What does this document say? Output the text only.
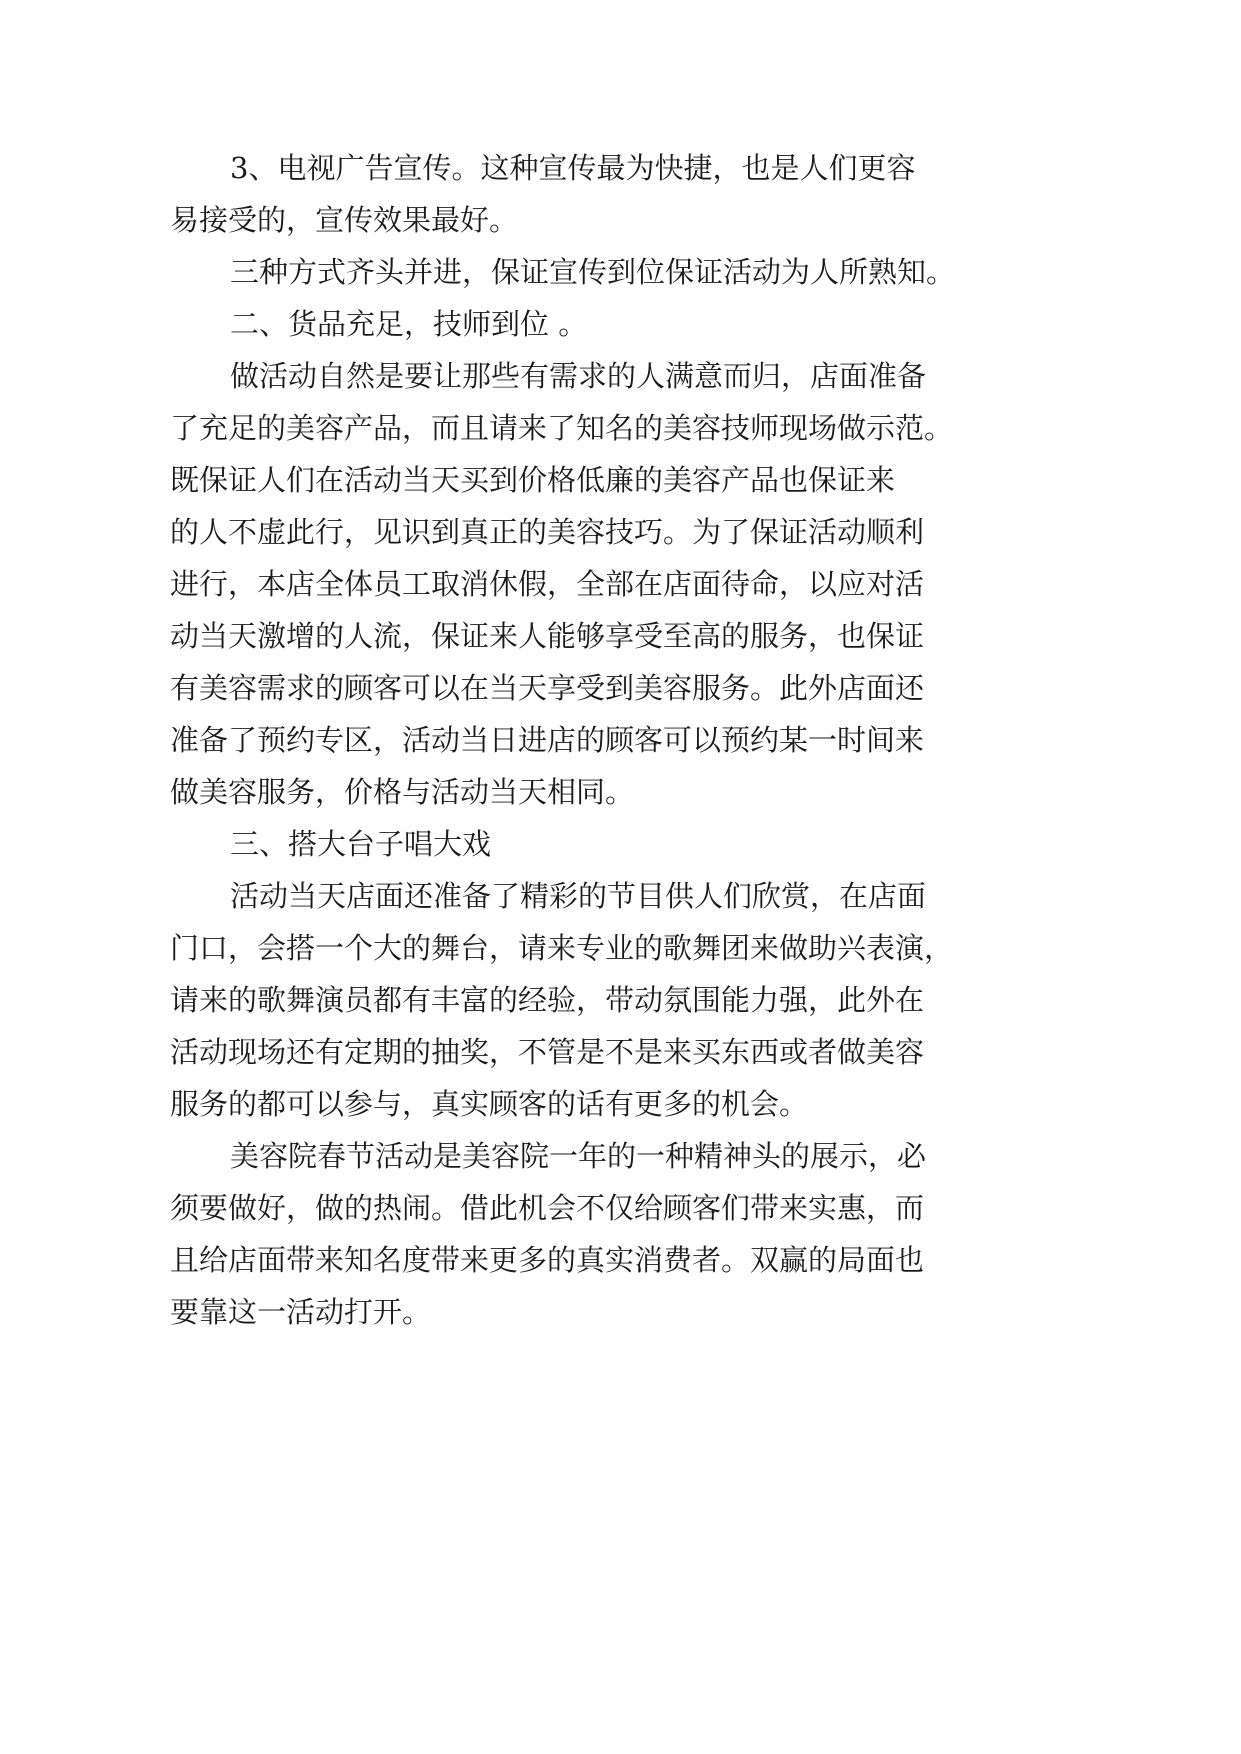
3、电视广告宣传。这种宣传最为快捷，也是人们更容

易接受的，宣传效果最好。

三种方式齐头并进，保证宣传到位保证活动为人所熟知。

二、货品充足，技师到位 。

做活动自然是要让那些有需求的人满意而归，店面准备

了充足的美容产品，而且请来了知名的美容技师现场做示范。

既保证人们在活动当天买到价格低廉的美容产品也保证来

的人不虚此行，见识到真正的美容技巧。为了保证活动顺利

进行，本店全体员工取消休假，全部在店面待命，以应对活

动当天激增的人流，保证来人能够享受至高的服务，也保证

有美容需求的顾客可以在当天享受到美容服务。此外店面还

准备了预约专区，活动当日进店的顾客可以预约某一时间来

做美容服务，价格与活动当天相同。

三、搭大台子唱大戏

活动当天店面还准备了精彩的节目供人们欣赏，在店面

门口，会搭一个大的舞台，请来专业的歌舞团来做助兴表演，

请来的歌舞演员都有丰富的经验，带动氛围能力强，此外在

活动现场还有定期的抽奖，不管是不是来买东西或者做美容

服务的都可以参与，真实顾客的话有更多的机会。

美容院春节活动是美容院一年的一种精神头的展示，必

须要做好，做的热闹。借此机会不仅给顾客们带来实惠，而

且给店面带来知名度带来更多的真实消费者。双赢的局面也

要靠这一活动打开。
